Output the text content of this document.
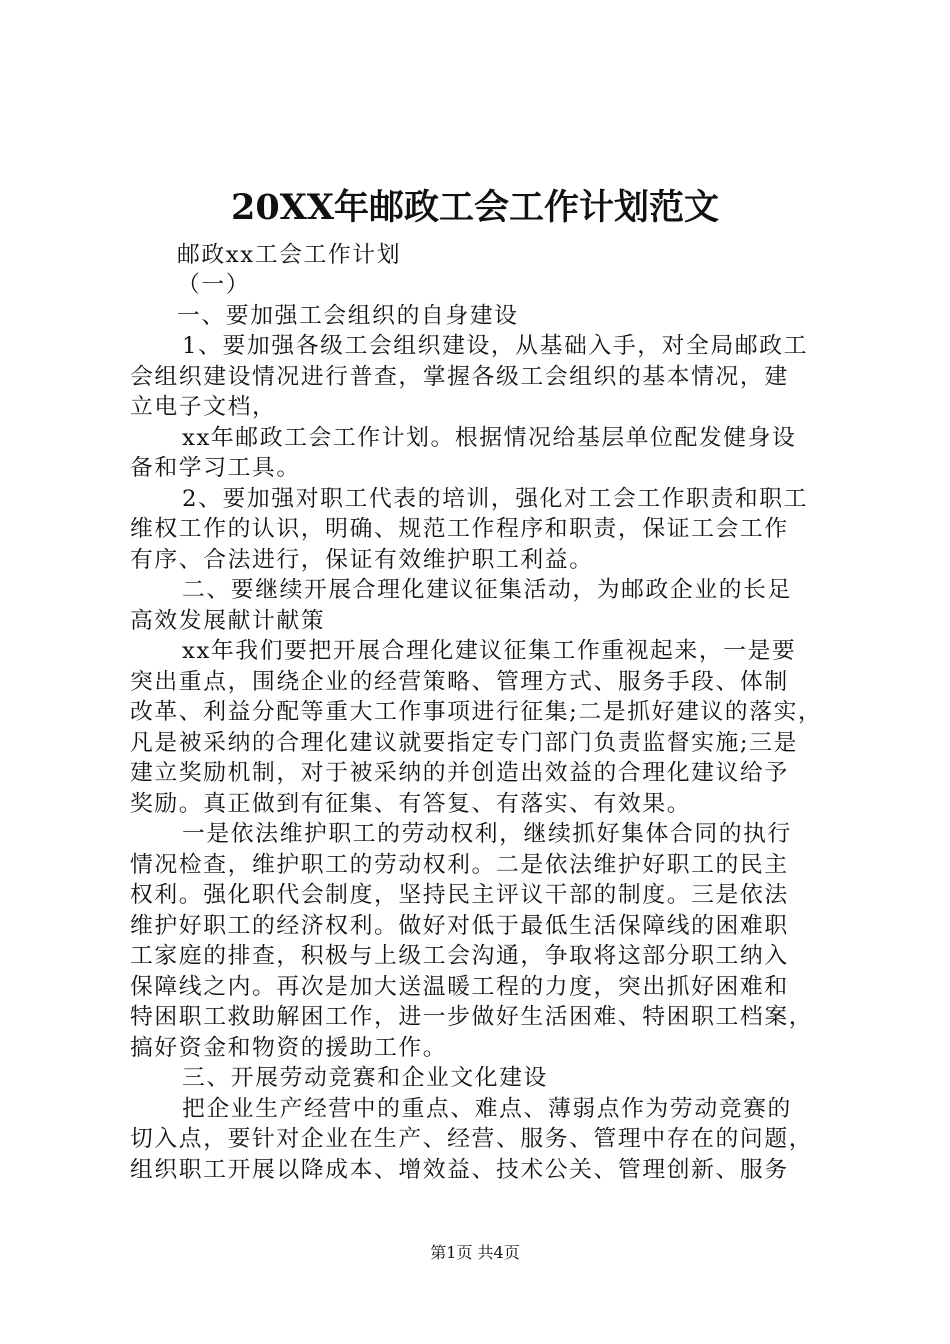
20XX年邮政工会工作计划范文

邮政xx工会工作计划

（一）

一、要加强工会组织的自身建设

1、要加强各级工会组织建设，从基础入手，对全局邮政工

会组织建设情况进行普查，掌握各级工会组织的基本情况，建

立电子文档，

xx年邮政工会工作计划。根据情况给基层单位配发健身设

备和学习工具。

2、要加强对职工代表的培训，强化对工会工作职责和职工

维权工作的认识，明确、规范工作程序和职责，保证工会工作

有序、合法进行，保证有效维护职工利益。

二、要继续开展合理化建议征集活动，为邮政企业的长足

高效发展献计献策

xx年我们要把开展合理化建议征集工作重视起来，一是要

突出重点，围绕企业的经营策略、管理方式、服务手段、体制

改革、利益分配等重大工作事项进行征集;二是抓好建议的落实，

凡是被采纳的合理化建议就要指定专门部门负责监督实施;三是

建立奖励机制，对于被采纳的并创造出效益的合理化建议给予

奖励。真正做到有征集、有答复、有落实、有效果。

一是依法维护职工的劳动权利，继续抓好集体合同的执行

情况检查，维护职工的劳动权利。二是依法维护好职工的民主

权利。强化职代会制度，坚持民主评议干部的制度。三是依法

维护好职工的经济权利。做好对低于最低生活保障线的困难职

工家庭的排查，积极与上级工会沟通，争取将这部分职工纳入

保障线之内。再次是加大送温暖工程的力度，突出抓好困难和

特困职工救助解困工作，进一步做好生活困难、特困职工档案，

搞好资金和物资的援助工作。

三、开展劳动竞赛和企业文化建设

把企业生产经营中的重点、难点、薄弱点作为劳动竞赛的

切入点，要针对企业在生产、经营、服务、管理中存在的问题，

组织职工开展以降成本、增效益、技术公关、管理创新、服务

第1页 共4页
